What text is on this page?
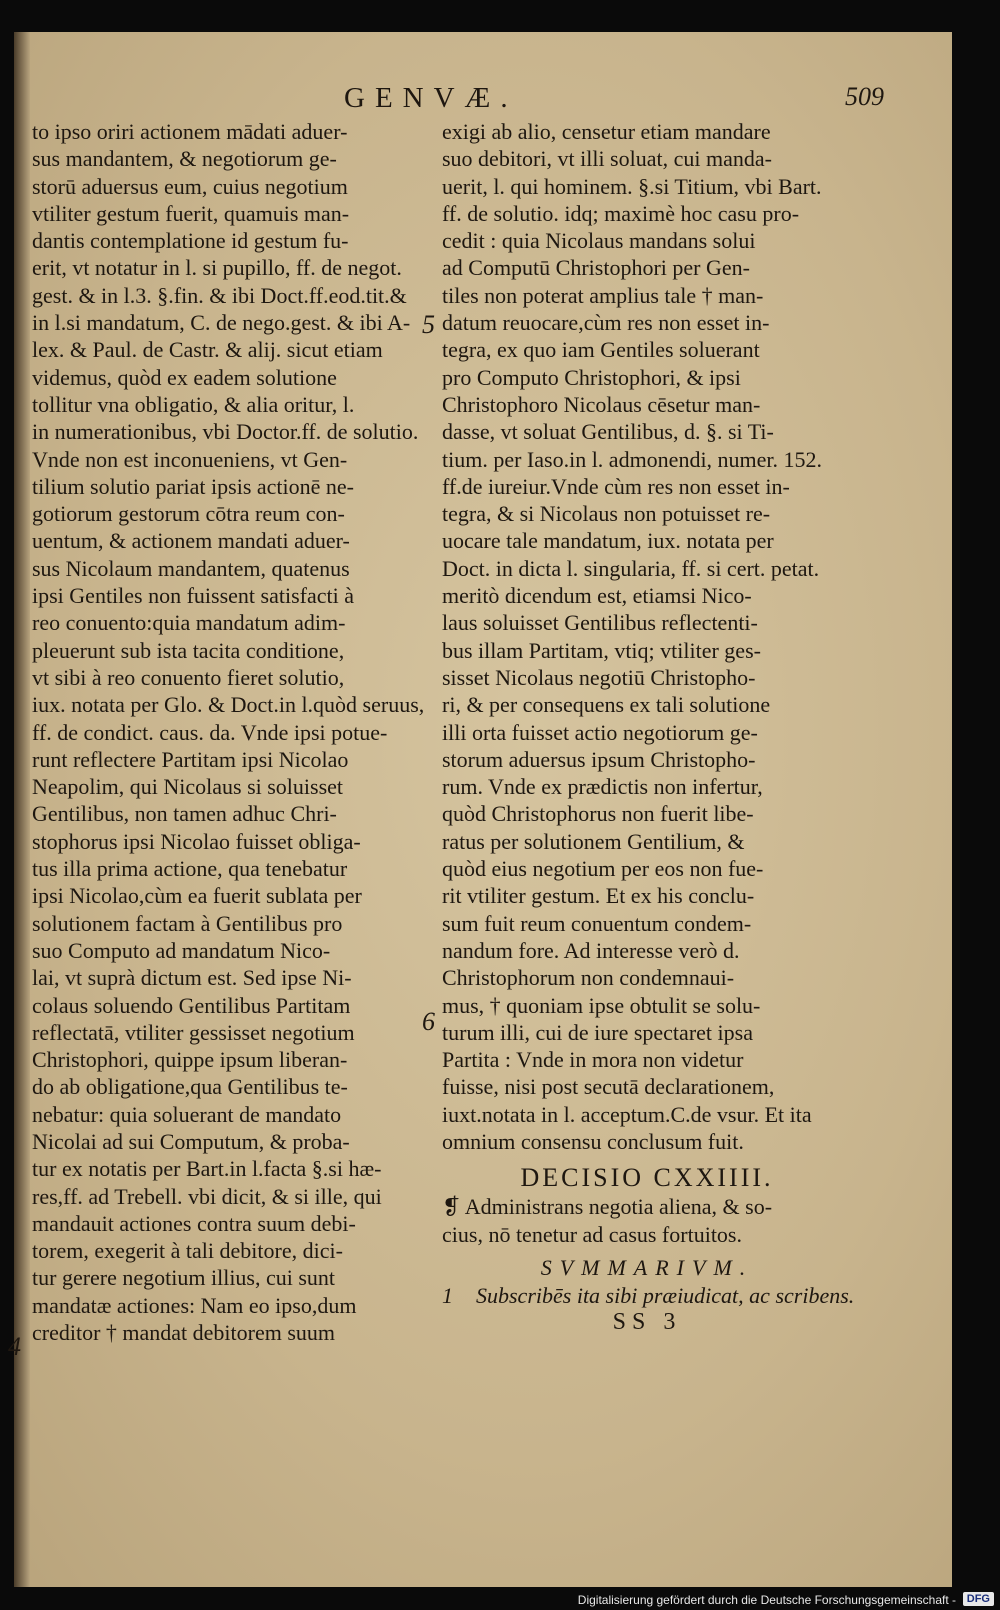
GENVÆ.	509
to ipso oriri actionem mādati aduer-
sus mandantem, & negotiorum ge-
storū aduersus eum, cuius negotium
vtiliter gestum fuerit, quamuis man-
dantis contemplatione id gestum fu-
erit, vt notatur in l. si pupillo, ff. de negot.
gest. & in l.3. §.fin. & ibi Doct.ff.eod.tit.&
in l.si mandatum, C. de nego.gest. & ibi A-
lex. & Paul. de Castr. & alij. sicut etiam
videmus, quòd ex eadem solutione
tollitur vna obligatio, & alia oritur, l.
in numerationibus, vbi Doctor.ff. de solutio.
Vnde non est inconueniens, vt Gen-
tilium solutio pariat ipsis actionē ne-
gotiorum gestorum cōtra reum con-
uentum, & actionem mandati aduer-
sus Nicolaum mandantem, quatenus
ipsi Gentiles non fuissent satisfacti à
reo conuento:quia mandatum adim-
pleuerunt sub ista tacita conditione,
vt sibi à reo conuento fieret solutio,
iux. notata per Glo. & Doct.in l.quòd seruus,
ff. de condict. caus. da. Vnde ipsi potue-
runt reflectere Partitam ipsi Nicolao
Neapolim, qui Nicolaus si soluisset
Gentilibus, non tamen adhuc Chri-
stophorus ipsi Nicolao fuisset obliga-
tus illa prima actione, qua tenebatur
ipsi Nicolao,cùm ea fuerit sublata per
solutionem factam à Gentilibus pro
suo Computo ad mandatum Nico-
lai, vt suprà dictum est. Sed ipse Ni-
colaus soluendo Gentilibus Partitam
reflectatā, vtiliter gessisset negotium
Christophori, quippe ipsum liberan-
do ab obligatione,qua Gentilibus te-
nebatur: quia soluerant de mandato
Nicolai ad sui Computum, & proba-
tur ex notatis per Bart.in l.facta §.si hæ-
res,ff. ad Trebell. vbi dicit, & si ille, qui
mandauit actiones contra suum debi-
torem, exegerit à tali debitore, dici-
tur gerere negotium illius, cui sunt
mandatæ actiones: Nam eo ipso,dum
creditor † mandat debitorem suum
exigi ab alio, censetur etiam mandare
suo debitori, vt illi soluat, cui manda-
uerit, l. qui hominem. §.si Titium, vbi Bart.
ff. de solutio. idq; maximè hoc casu pro-
cedit : quia Nicolaus mandans solui
ad Computū Christophori per Gen-
tiles non poterat amplius tale † man-
datum reuocare,cùm res non esset in-
tegra, ex quo iam Gentiles soluerant
pro Computo Christophori, & ipsi
Christophoro Nicolaus cēsetur man-
dasse, vt soluat Gentilibus, d. §. si Ti-
tium. per Iaso.in l. admonendi, numer. 152.
ff.de iureiur.Vnde cùm res non esset in-
tegra, & si Nicolaus non potuisset re-
uocare tale mandatum, iux. notata per
Doct. in dicta l. singularia, ff. si cert. petat.
meritò dicendum est, etiamsi Nico-
laus soluisset Gentilibus reflectenti-
bus illam Partitam, vtiq; vtiliter ges-
sisset Nicolaus negotiū Christopho-
ri, & per consequens ex tali solutione
illi orta fuisset actio negotiorum ge-
storum aduersus ipsum Christopho-
rum. Vnde ex prædictis non infertur,
quòd Christophorus non fuerit libe-
ratus per solutionem Gentilium, &
quòd eius negotium per eos non fue-
rit vtiliter gestum. Et ex his conclu-
sum fuit reum conuentum condem-
nandum fore. Ad interesse verò d.
Christophorum non condemnaui-
mus, † quoniam ipse obtulit se solu-
turum illi, cui de iure spectaret ipsa
Partita : Vnde in mora non videtur
fuisse, nisi post secutā declarationem,
iuxt.notata in l. acceptum.C.de vsur. Et ita
omnium consensu conclusum fuit.
DECISIO CXXIIII.
❡ Administrans negotia aliena, & so-
cius, nō tenetur ad casus fortuitos.
SVMMARIVM.
1 Subscribēs ita sibi præiudicat, ac scribens.
SS 3
5
6
4
Digitalisierung gefördert durch die Deutsche Forschungsgemeinschaft - DFG
